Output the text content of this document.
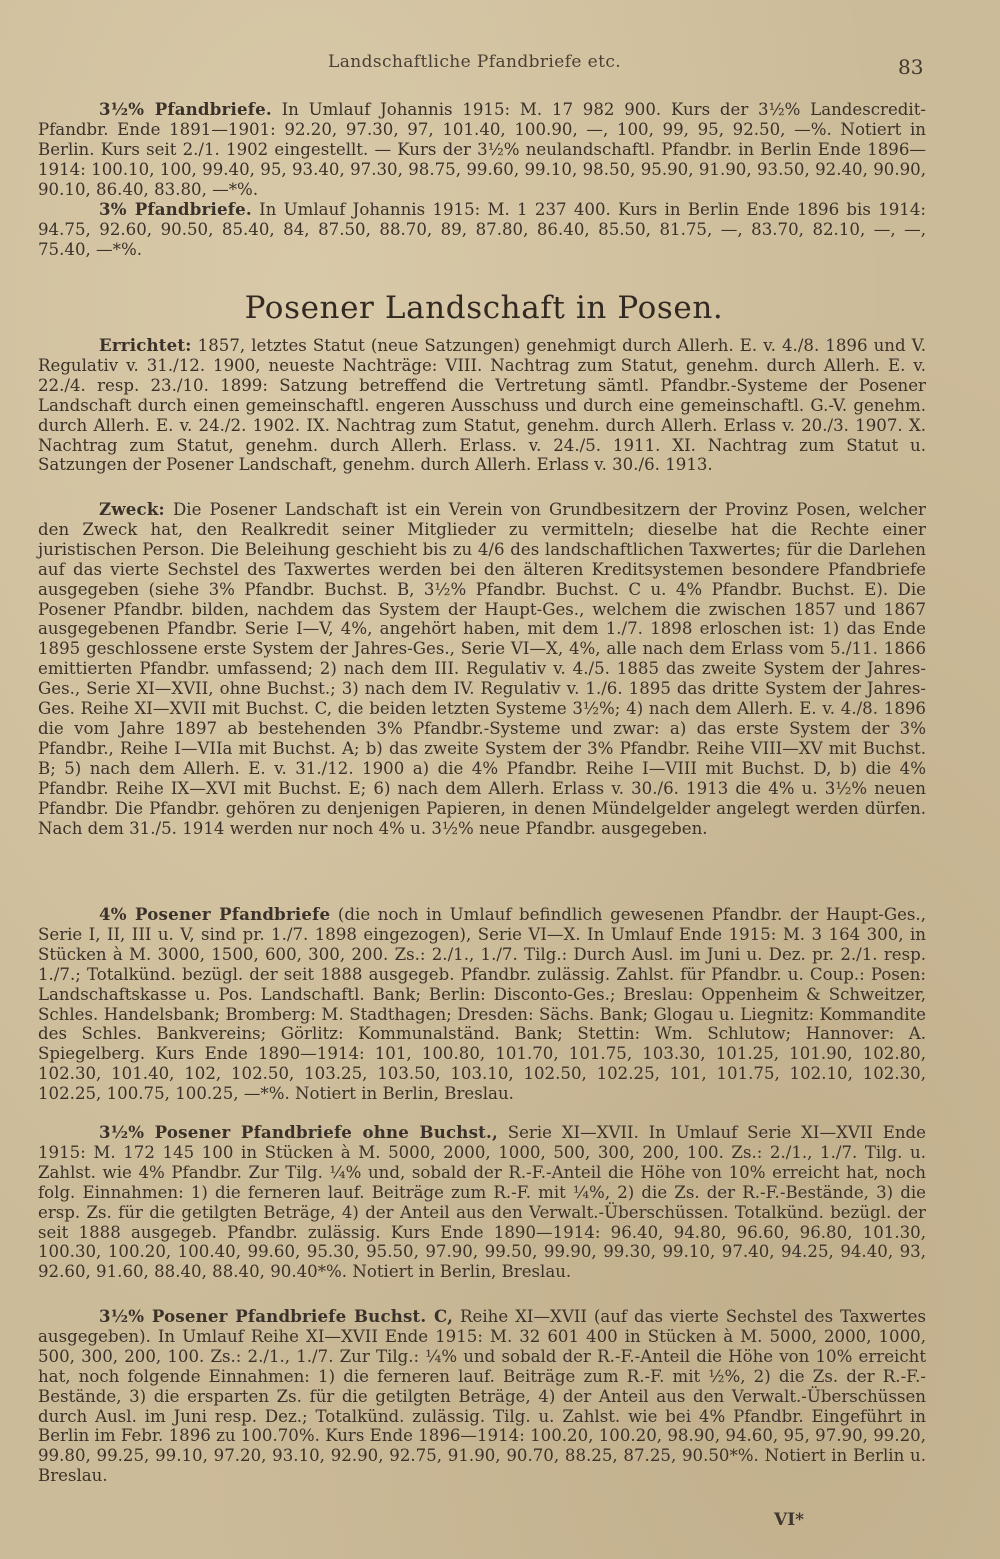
Landschaftliche Pfandbriefe etc.	83

3½% Pfandbriefe. In Umlauf Johannis 1915: M. 17 982 900. Kurs der 3½% Landescredit-Pfandbr. Ende 1891—1901: 92.20, 97.30, 97, 101.40, 100.90, —, 100, 99, 95, 92.50, —%. Notiert in Berlin. Kurs seit 2./1. 1902 eingestellt. — Kurs der 3½% neulandschaftl. Pfandbr. in Berlin Ende 1896—1914: 100.10, 100, 99.40, 95, 93.40, 97.30, 98.75, 99.60, 99.10, 98.50, 95.90, 91.90, 93.50, 92.40, 90.90, 90.10, 86.40, 83.80, —*%.

3% Pfandbriefe. In Umlauf Johannis 1915: M. 1 237 400. Kurs in Berlin Ende 1896 bis 1914: 94.75, 92.60, 90.50, 85.40, 84, 87.50, 88.70, 89, 87.80, 86.40, 85.50, 81.75, —, 83.70, 82.10, —, —, 75.40, —*%.

Posener Landschaft in Posen.

Errichtet: 1857, letztes Statut (neue Satzungen) genehmigt durch Allerh. E. v. 4./8. 1896 und V. Regulativ v. 31./12. 1900, neueste Nachträge: VIII. Nachtrag zum Statut, genehm. durch Allerh. E. v. 22./4. resp. 23./10. 1899: Satzung betreffend die Vertretung sämtl. Pfandbr.-Systeme der Posener Landschaft durch einen gemeinschaftl. engeren Ausschuss und durch eine gemeinschaftl. G.-V. genehm. durch Allerh. E. v. 24./2. 1902. IX. Nachtrag zum Statut, genehm. durch Allerh. Erlass v. 20./3. 1907. X. Nachtrag zum Statut, genehm. durch Allerh. Erlass. v. 24./5. 1911. XI. Nachtrag zum Statut u. Satzungen der Posener Landschaft, genehm. durch Allerh. Erlass v. 30./6. 1913.

Zweck: Die Posener Landschaft ist ein Verein von Grundbesitzern der Provinz Posen, welcher den Zweck hat, den Realkredit seiner Mitglieder zu vermitteln; dieselbe hat die Rechte einer juristischen Person. Die Beleihung geschieht bis zu 4/6 des landschaftlichen Taxwertes; für die Darlehen auf das vierte Sechstel des Taxwertes werden bei den älteren Kreditsystemen besondere Pfandbriefe ausgegeben (siehe 3% Pfandbr. Buchst. B, 3½% Pfandbr. Buchst. C u. 4% Pfandbr. Buchst. E). Die Posener Pfandbr. bilden, nachdem das System der Haupt-Ges., welchem die zwischen 1857 und 1867 ausgegebenen Pfandbr. Serie I—V, 4%, angehört haben, mit dem 1./7. 1898 erloschen ist: 1) das Ende 1895 geschlossene erste System der Jahres-Ges., Serie VI—X, 4%, alle nach dem Erlass vom 5./11. 1866 emittierten Pfandbr. umfassend; 2) nach dem III. Regulativ v. 4./5. 1885 das zweite System der Jahres-Ges., Serie XI—XVII, ohne Buchst.; 3) nach dem IV. Regulativ v. 1./6. 1895 das dritte System der Jahres-Ges. Reihe XI—XVII mit Buchst. C, die beiden letzten Systeme 3½%; 4) nach dem Allerh. E. v. 4./8. 1896 die vom Jahre 1897 ab bestehenden 3% Pfandbr.-Systeme und zwar: a) das erste System der 3% Pfandbr., Reihe I—VIIa mit Buchst. A; b) das zweite System der 3% Pfandbr. Reihe VIII—XV mit Buchst. B; 5) nach dem Allerh. E. v. 31./12. 1900 a) die 4% Pfandbr. Reihe I—VIII mit Buchst. D, b) die 4% Pfandbr. Reihe IX—XVI mit Buchst. E; 6) nach dem Allerh. Erlass v. 30./6. 1913 die 4% u. 3½% neuen Pfandbr. Die Pfandbr. gehören zu denjenigen Papieren, in denen Mündelgelder angelegt werden dürfen. Nach dem 31./5. 1914 werden nur noch 4% u. 3½% neue Pfandbr. ausgegeben.

4% Posener Pfandbriefe (die noch in Umlauf befindlich gewesenen Pfandbr. der Haupt-Ges., Serie I, II, III u. V, sind pr. 1./7. 1898 eingezogen), Serie VI—X. In Umlauf Ende 1915: M. 3 164 300, in Stücken à M. 3000, 1500, 600, 300, 200. Zs.: 2./1., 1./7. Tilg.: Durch Ausl. im Juni u. Dez. pr. 2./1. resp. 1./7.; Totalkünd. bezügl. der seit 1888 ausgegeb. Pfandbr. zulässig. Zahlst. für Pfandbr. u. Coup.: Posen: Landschaftskasse u. Pos. Landschaftl. Bank; Berlin: Disconto-Ges.; Breslau: Oppenheim & Schweitzer, Schles. Handelsbank; Bromberg: M. Stadthagen; Dresden: Sächs. Bank; Glogau u. Liegnitz: Kommandite des Schles. Bankvereins; Görlitz: Kommunalständ. Bank; Stettin: Wm. Schlutow; Hannover: A. Spiegelberg. Kurs Ende 1890—1914: 101, 100.80, 101.70, 101.75, 103.30, 101.25, 101.90, 102.80, 102.30, 101.40, 102, 102.50, 103.25, 103.50, 103.10, 102.50, 102.25, 101, 101.75, 102.10, 102.30, 102.25, 100.75, 100.25, —*%. Notiert in Berlin, Breslau.

3½% Posener Pfandbriefe ohne Buchst., Serie XI—XVII. In Umlauf Serie XI—XVII Ende 1915: M. 172 145 100 in Stücken à M. 5000, 2000, 1000, 500, 300, 200, 100. Zs.: 2./1., 1./7. Tilg. u. Zahlst. wie 4% Pfandbr. Zur Tilg. ¼% und, sobald der R.-F.-Anteil die Höhe von 10% erreicht hat, noch folg. Einnahmen: 1) die ferneren lauf. Beiträge zum R.-F. mit ¼%, 2) die Zs. der R.-F.-Bestände, 3) die ersp. Zs. für die getilgten Beträge, 4) der Anteil aus den Verwalt.-Überschüssen. Totalkünd. bezügl. der seit 1888 ausgegeb. Pfandbr. zulässig. Kurs Ende 1890—1914: 96.40, 94.80, 96.60, 96.80, 101.30, 100.30, 100.20, 100.40, 99.60, 95.30, 95.50, 97.90, 99.50, 99.90, 99.30, 99.10, 97.40, 94.25, 94.40, 93, 92.60, 91.60, 88.40, 88.40, 90.40*%. Notiert in Berlin, Breslau.

3½% Posener Pfandbriefe Buchst. C, Reihe XI—XVII (auf das vierte Sechstel des Taxwertes ausgegeben). In Umlauf Reihe XI—XVII Ende 1915: M. 32 601 400 in Stücken à M. 5000, 2000, 1000, 500, 300, 200, 100. Zs.: 2./1., 1./7. Zur Tilg.: ¼% und sobald der R.-F.-Anteil die Höhe von 10% erreicht hat, noch folgende Einnahmen: 1) die ferneren lauf. Beiträge zum R.-F. mit ½%, 2) die Zs. der R.-F.-Bestände, 3) die ersparten Zs. für die getilgten Beträge, 4) der Anteil aus den Verwalt.-Überschüssen durch Ausl. im Juni resp. Dez.; Totalkünd. zulässig. Tilg. u. Zahlst. wie bei 4% Pfandbr. Eingeführt in Berlin im Febr. 1896 zu 100.70%. Kurs Ende 1896—1914: 100.20, 100.20, 98.90, 94.60, 95, 97.90, 99.20, 99.80, 99.25, 99.10, 97.20, 93.10, 92.90, 92.75, 91.90, 90.70, 88.25, 87.25, 90.50*%. Notiert in Berlin u. Breslau.

VI*
